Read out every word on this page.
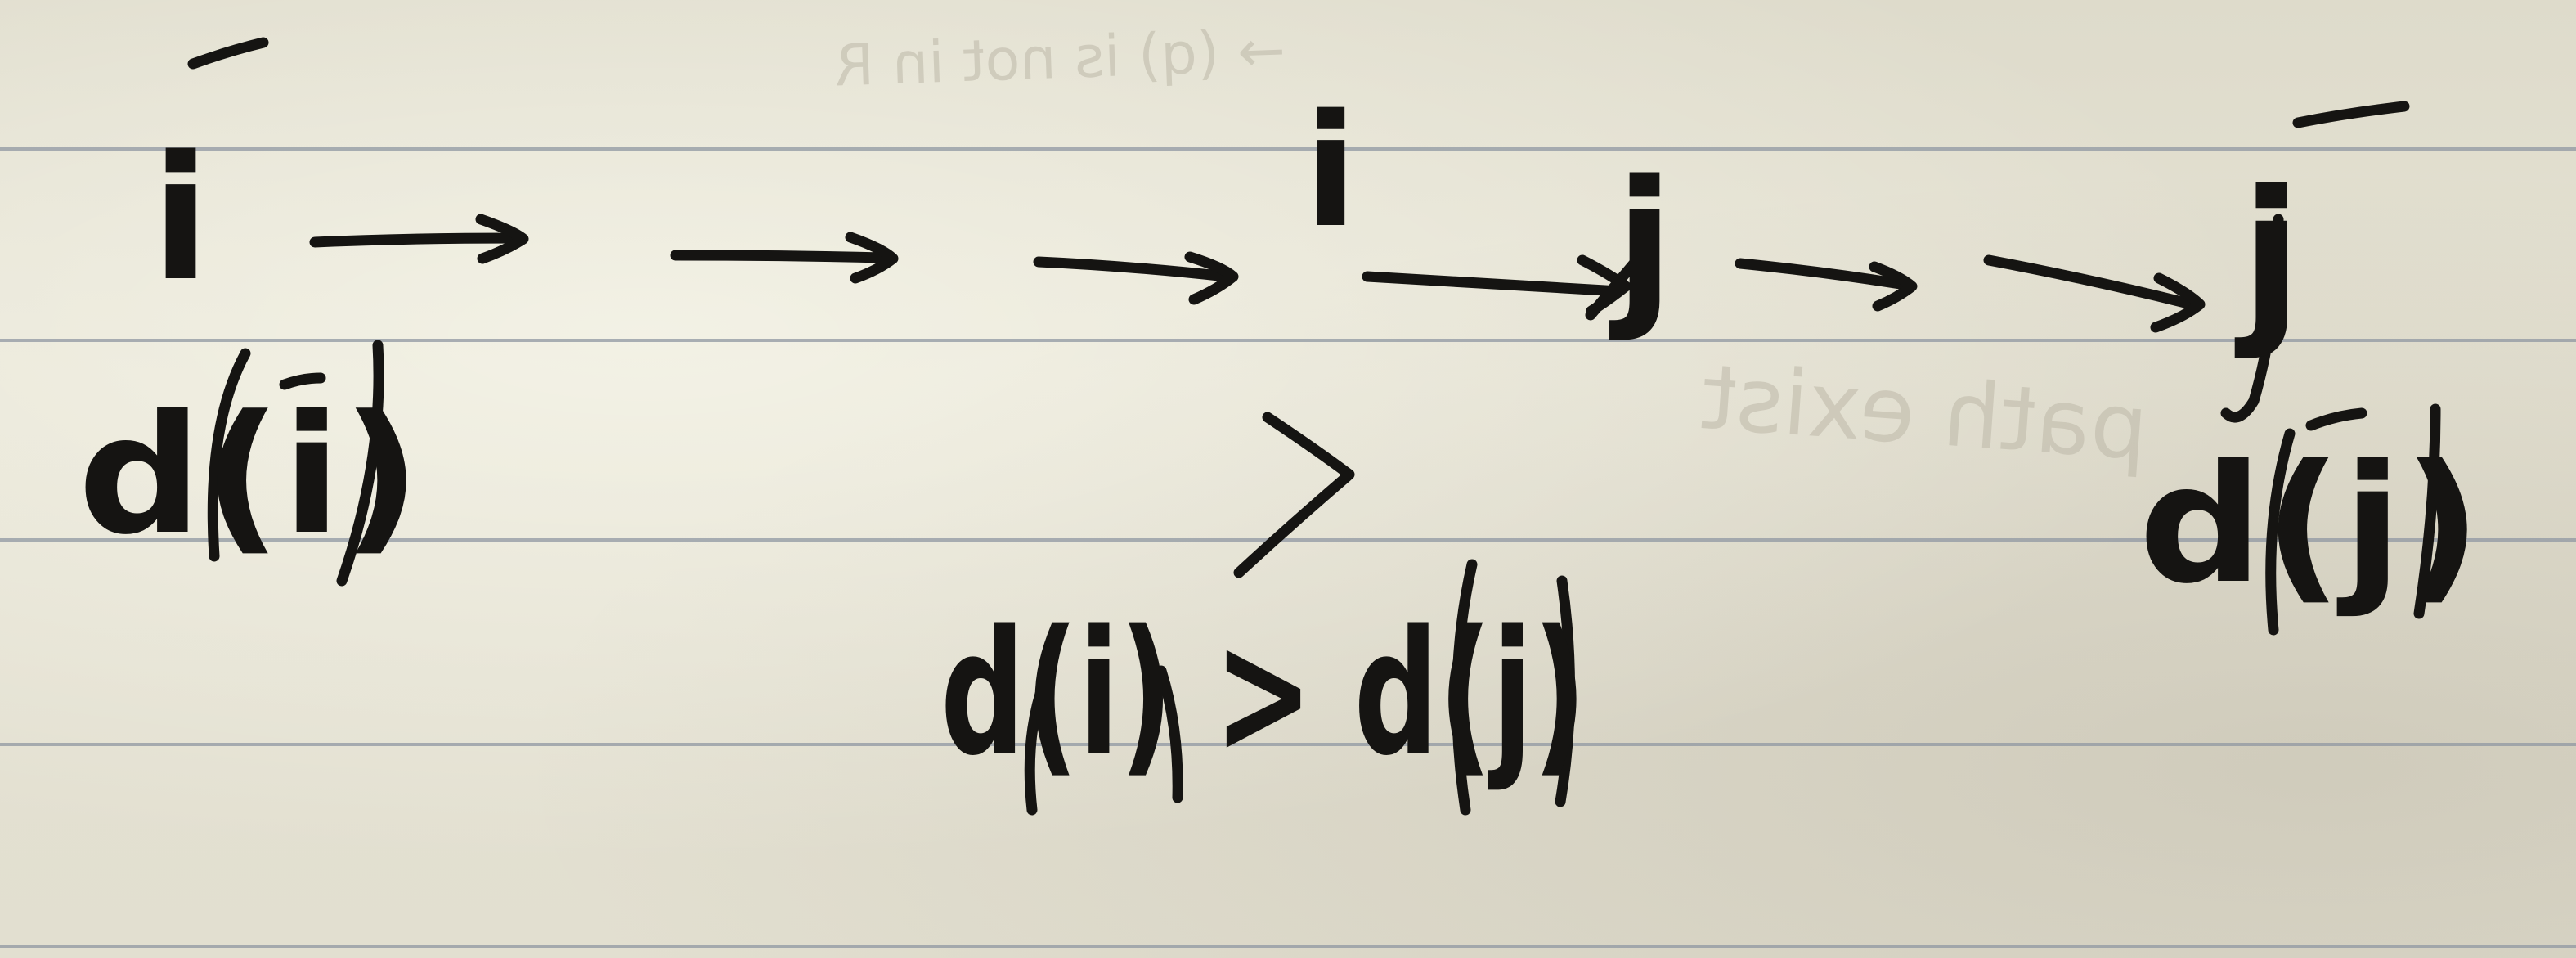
→ (q) is not in R
path exist
i	i j	j
d(i)	d(j)
d(i) > d(j)
